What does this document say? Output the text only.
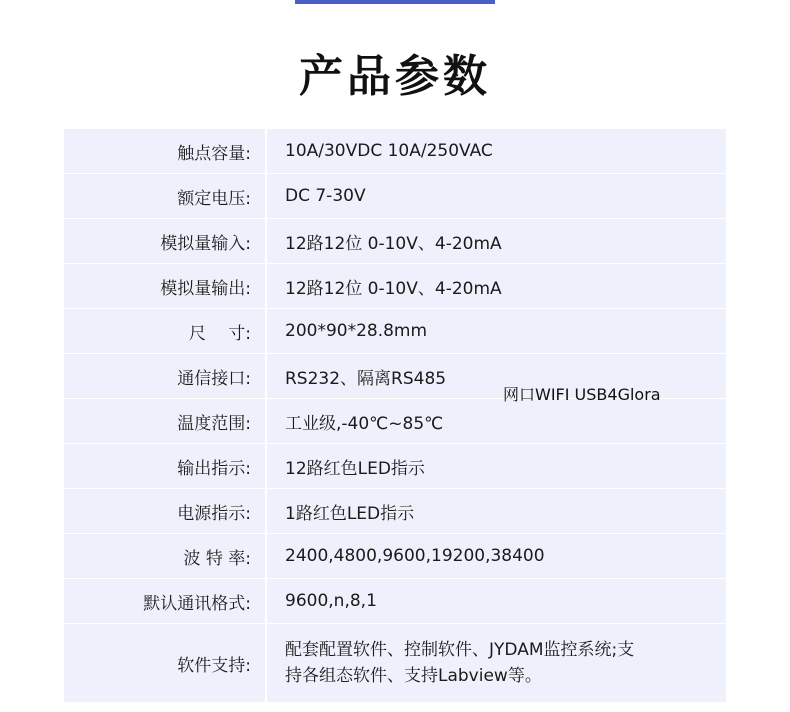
产品参数
触点容量:	10A/30VDC 10A/250VAC
额定电压:	DC 7-30V
模拟量输入:	12路12位 0-10V、4-20mA
模拟量输出:	12路12位 0-10V、4-20mA
尺　 寸:	200*90*28.8mm
通信接口:	RS232、隔离RS485
温度范围:	工业级,-40℃~85℃
网口WIFI USB4Glora

输出指示:	12路红色LED指示
电源指示:	1路红色LED指示
波 特 率:	2400,4800,9600,19200,38400
默认通讯格式:	9600,n,8,1
软件支持:	配套配置软件、控制软件、JYDAM监控系统;支
持各组态软件、支持Labview等。
